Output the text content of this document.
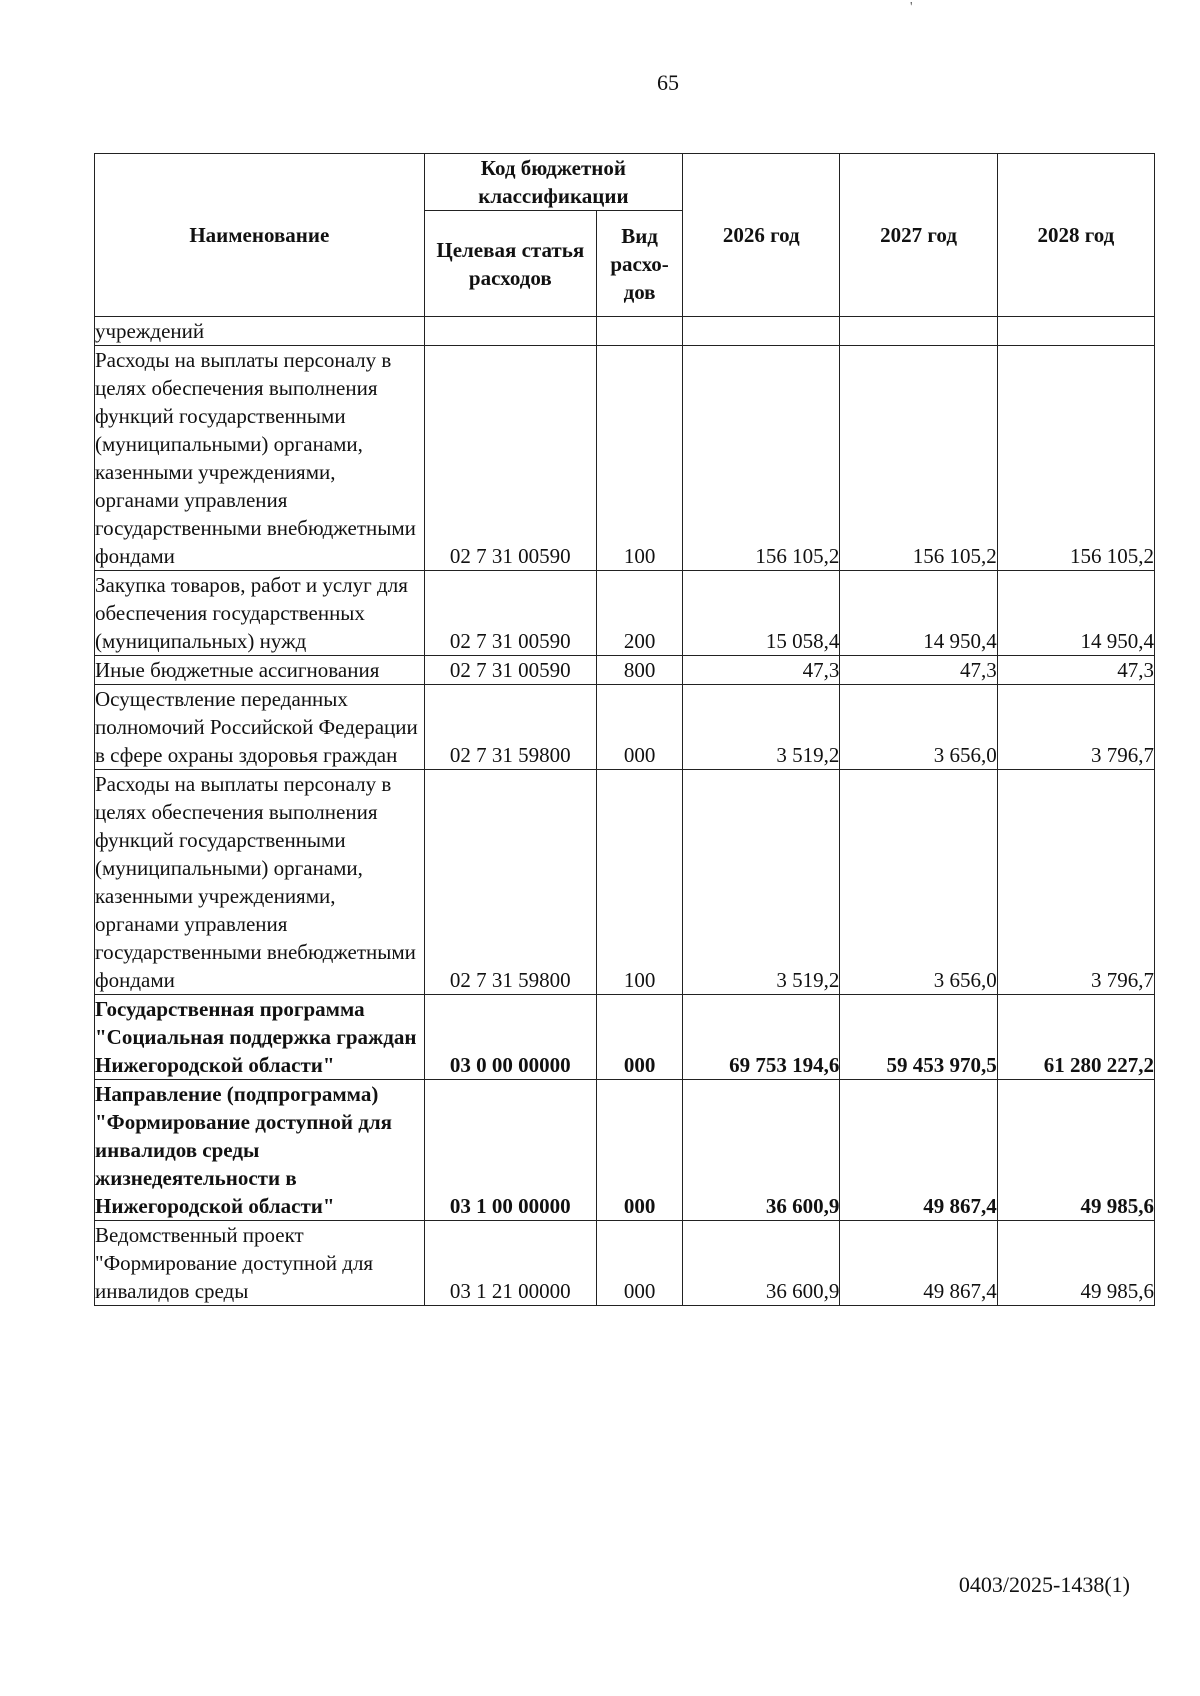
'
65
Наименование	Код бюджетной классификации		2026 год	2027 год	2028 год
	Целевая статья расходов	Вид расхо-дов			
учреждений					
Расходы на выплаты персоналу в целях обеспечения выполнения функций государственными (муниципальными) органами, казенными учреждениями, органами управления государственными внебюджетными фондами	02 7 31 00590	100	156 105,2	156 105,2	156 105,2
Закупка товаров, работ и услуг для обеспечения государственных (муниципальных) нужд	02 7 31 00590	200	15 058,4	14 950,4	14 950,4
Иные бюджетные ассигнования	02 7 31 00590	800	47,3	47,3	47,3
Осуществление переданных полномочий Российской Федерации в сфере охраны здоровья граждан	02 7 31 59800	000	3 519,2	3 656,0	3 796,7
Расходы на выплаты персоналу в целях обеспечения выполнения функций государственными (муниципальными) органами, казенными учреждениями, органами управления государственными внебюджетными фондами	02 7 31 59800	100	3 519,2	3 656,0	3 796,7
Государственная программа "Социальная поддержка граждан Нижегородской области"	03 0 00 00000	000	69 753 194,6	59 453 970,5	61 280 227,2
Направление (подпрограмма) "Формирование доступной для инвалидов среды жизнедеятельности в Нижегородской области"	03 1 00 00000	000	36 600,9	49 867,4	49 985,6
Ведомственный проект "Формирование доступной для инвалидов среды	03 1 21 00000	000	36 600,9	49 867,4	49 985,6
0403/2025-1438(1)
